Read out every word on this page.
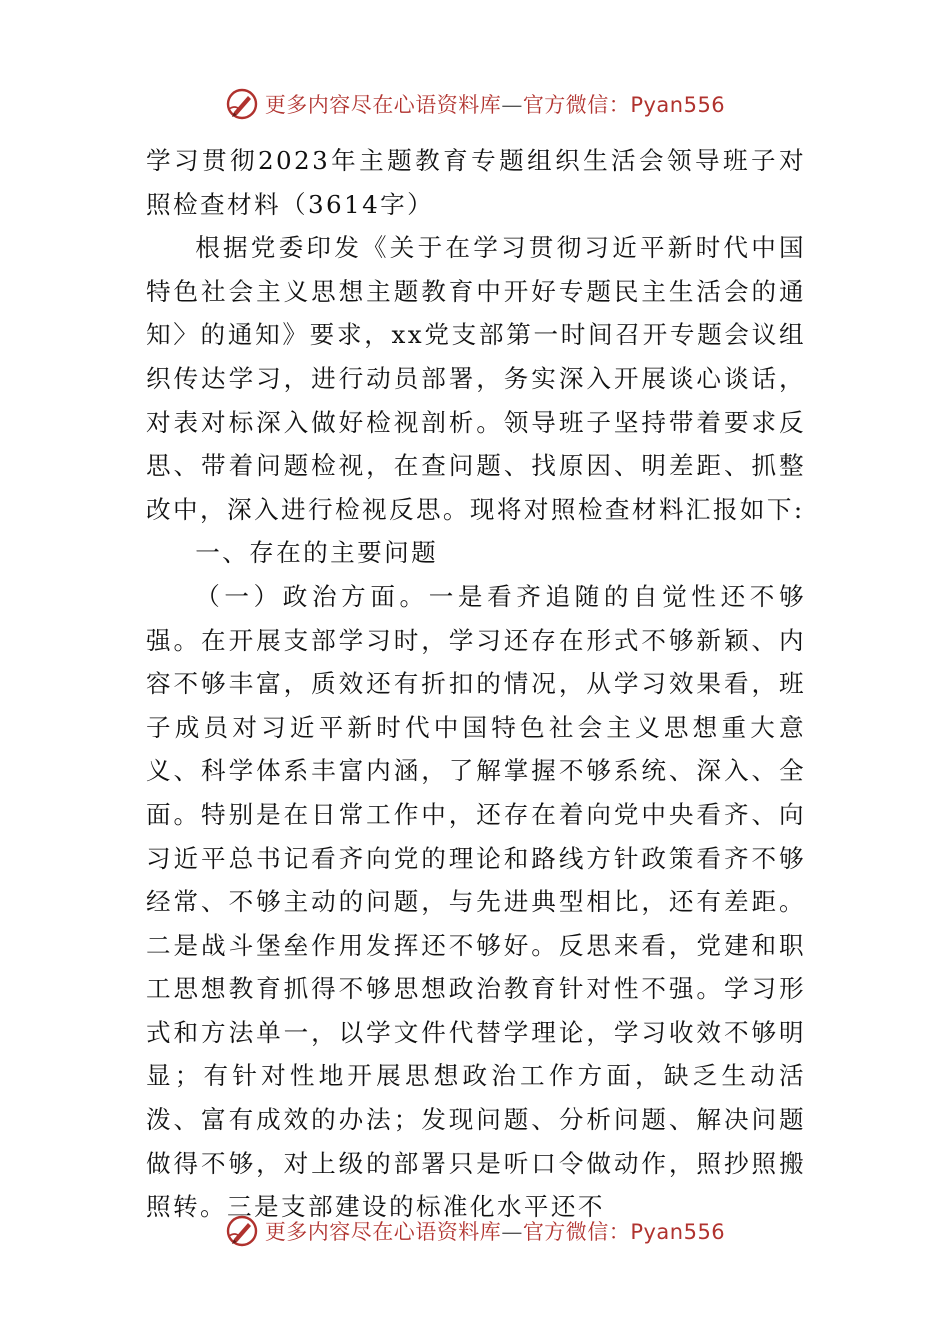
更多内容尽在心语资料库—官方微信：Pyan556

学习贯彻2023年主题教育专题组织生活会领导班子对照检查材料（3614字）

根据党委印发《关于在学习贯彻习近平新时代中国特色社会主义思想主题教育中开好专题民主生活会的通知〉的通知》要求，xx党支部第一时间召开专题会议组织传达学习，进行动员部署，务实深入开展谈心谈话，对表对标深入做好检视剖析。领导班子坚持带着要求反思、带着问题检视，在查问题、找原因、明差距、抓整改中，深入进行检视反思。现将对照检查材料汇报如下:

一、存在的主要问题

（一）政治方面。一是看齐追随的自觉性还不够强。在开展支部学习时，学习还存在形式不够新颖、内容不够丰富，质效还有折扣的情况，从学习效果看，班子成员对习近平新时代中国特色社会主义思想重大意义、科学体系丰富内涵，了解掌握不够系统、深入、全面。特别是在日常工作中，还存在着向党中央看齐、向习近平总书记看齐向党的理论和路线方针政策看齐不够经常、不够主动的问题，与先进典型相比，还有差距。二是战斗堡垒作用发挥还不够好。反思来看，党建和职工思想教育抓得不够思想政治教育针对性不强。学习形式和方法单一，以学文件代替学理论，学习收效不够明显；有针对性地开展思想政治工作方面，缺乏生动活泼、富有成效的办法；发现问题、分析问题、解决问题做得不够，对上级的部署只是听口令做动作，照抄照搬照转。三是支部建设的标准化水平还不

更多内容尽在心语资料库—官方微信：Pyan556
